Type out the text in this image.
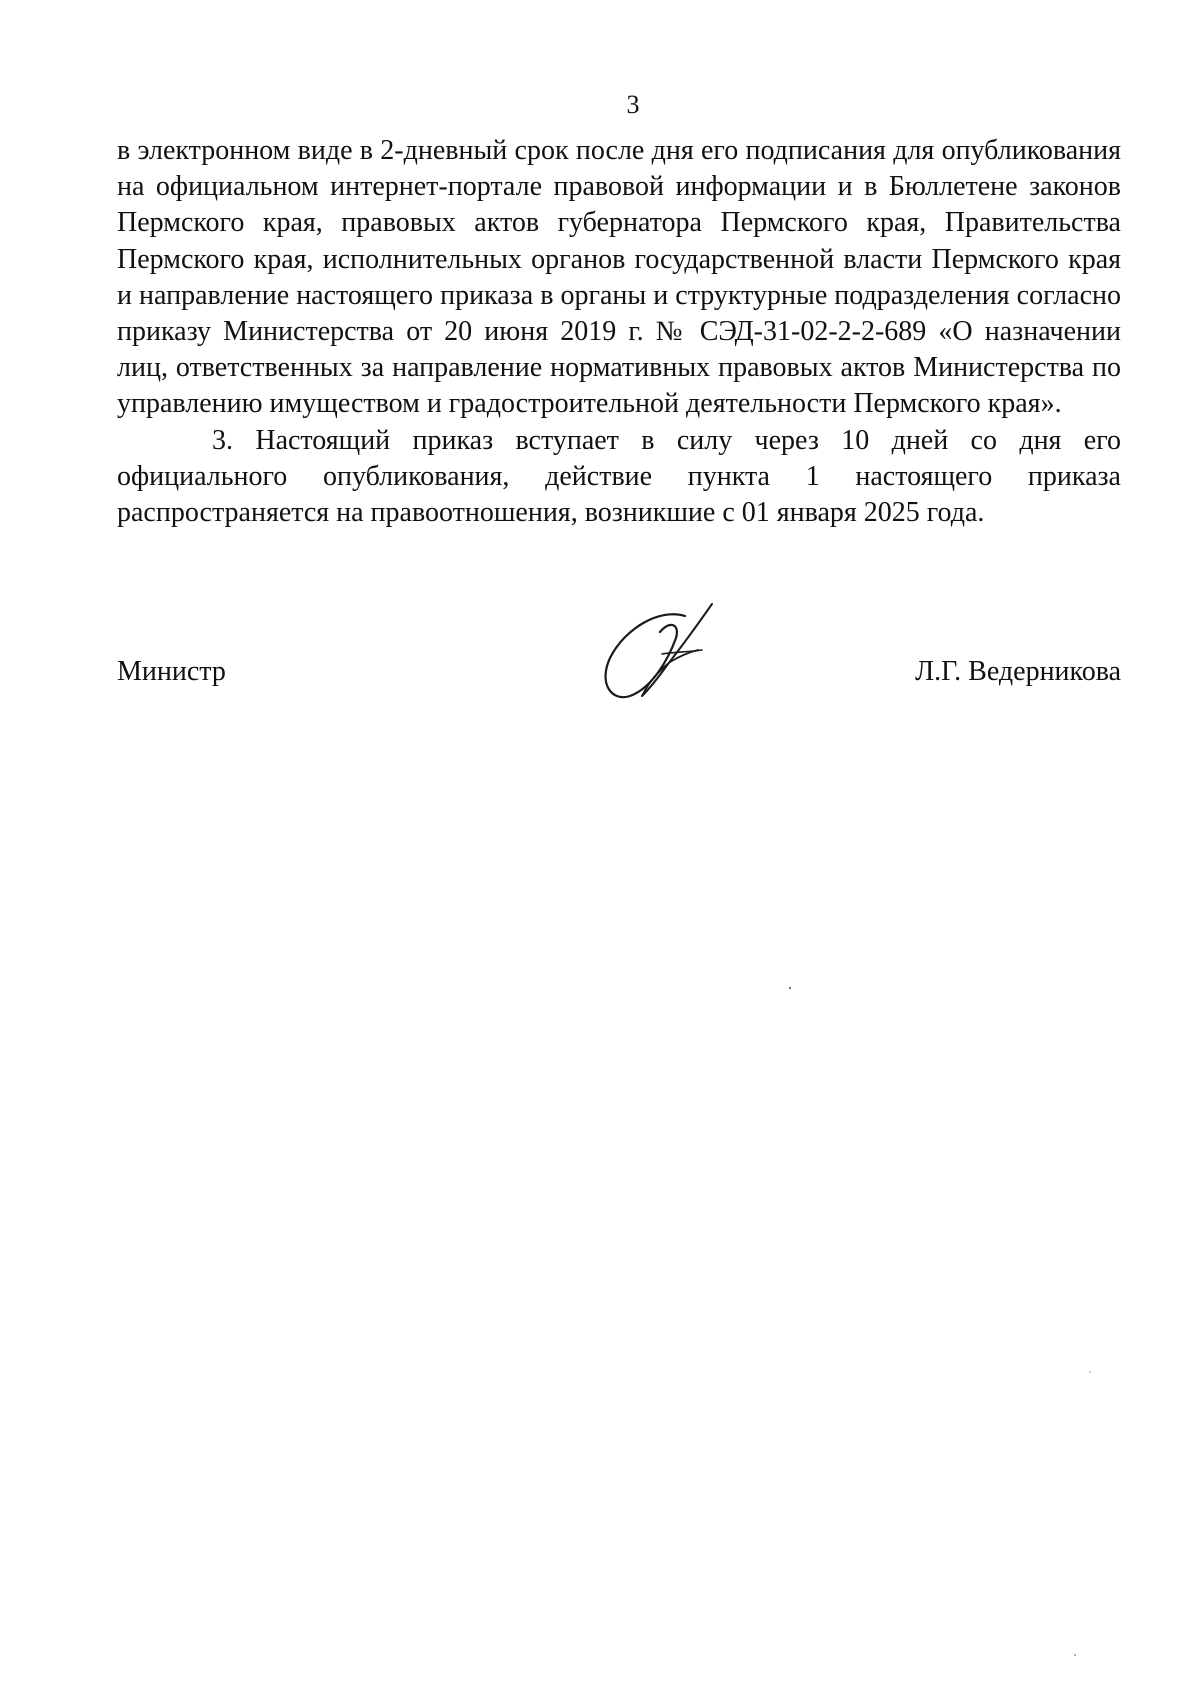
3

в электронном виде в 2-дневный срок после дня его подписания для опубликования на официальном интернет-портале правовой информации и в Бюллетене законов Пермского края, правовых актов губернатора Пермского края, Правительства Пермского края, исполнительных органов государственной власти Пермского края и направление настоящего приказа в органы и структурные подразделения согласно приказу Министерства от 20 июня 2019 г. № СЭД-31-02-2-2-689 «О назначении лиц, ответственных за направление нормативных правовых актов Министерства по управлению имуществом и градостроительной деятельности Пермского края».

3. Настоящий приказ вступает в силу через 10 дней со дня его официального опубликования, действие пункта 1 настоящего приказа распространяется на правоотношения, возникшие с 01 января 2025 года.

Министр	Л.Г. Ведерникова
